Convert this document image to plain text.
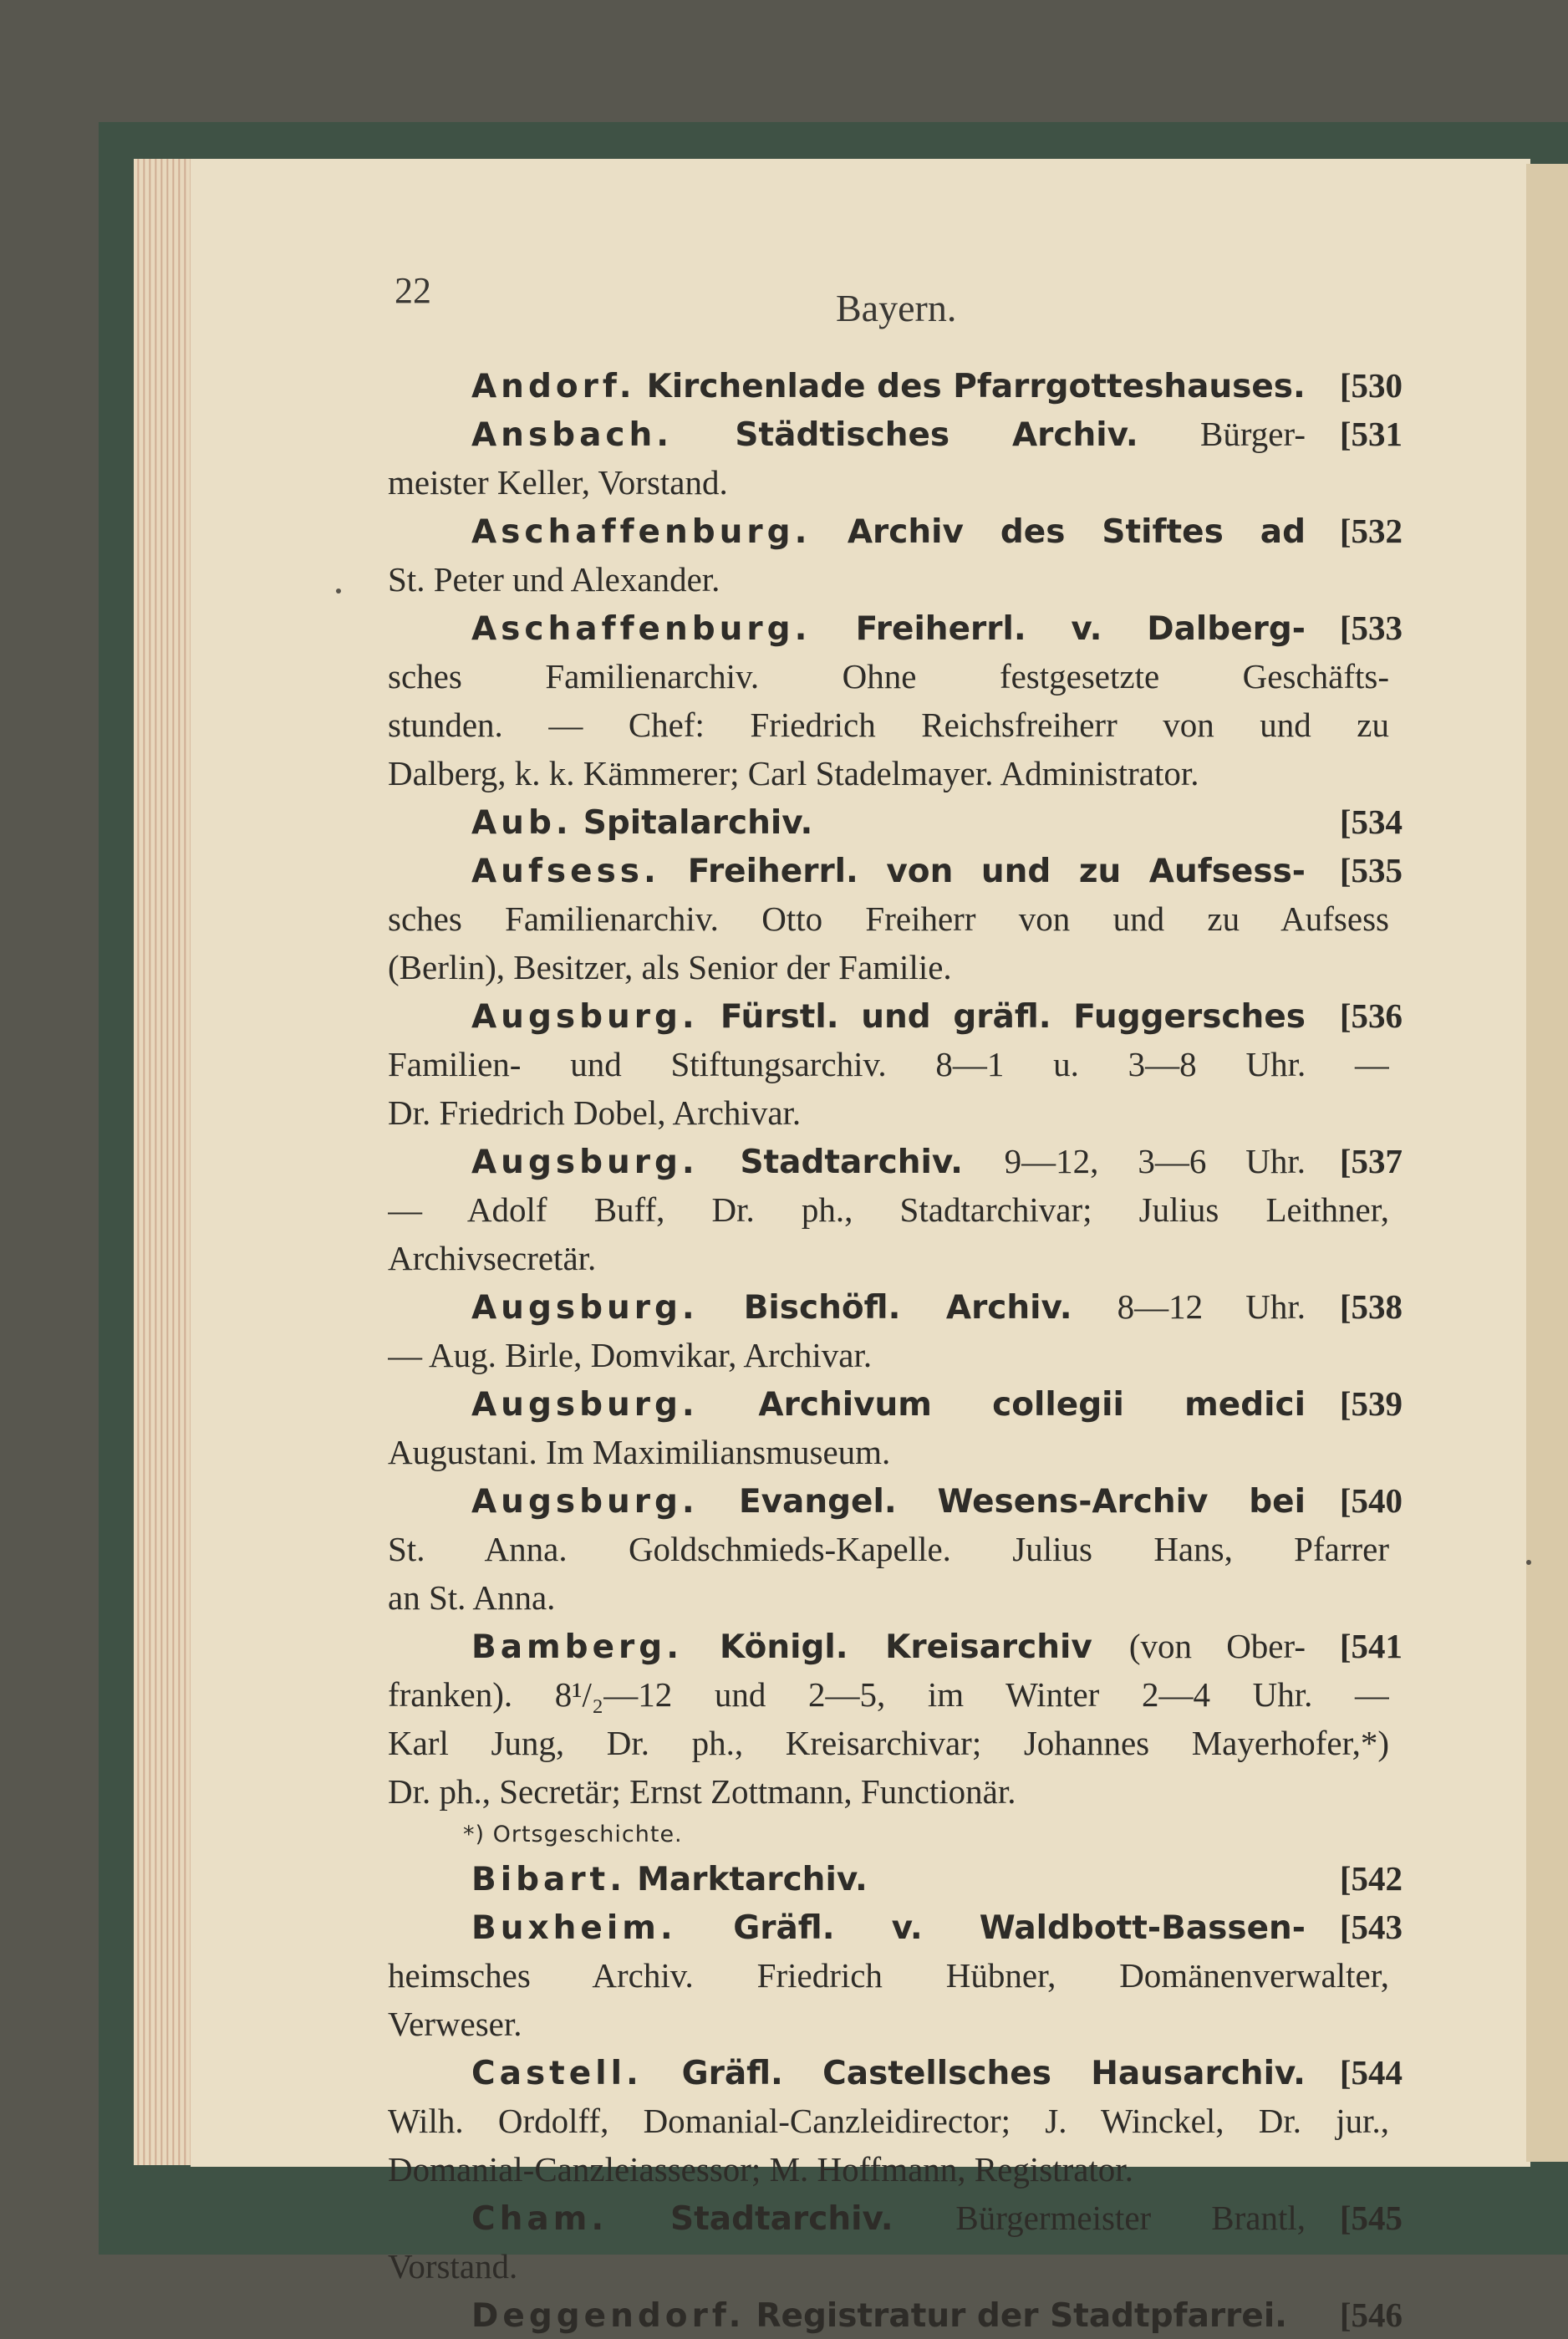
22	Bayern.
Andorf. Kirchenlade des Pfarrgotteshauses.	[530
Ansbach. Städtisches Archiv. Bürger- [531
meister Keller, Vorstand.
Aschaffenburg. Archiv des Stiftes ad [532
St. Peter und Alexander.
Aschaffenburg. Freiherrl. v. Dalberg- [533
sches Familienarchiv. Ohne festgesetzte Geschäfts-
stunden. — Chef: Friedrich Reichsfreiherr von und zu
Dalberg, k. k. Kämmerer; Carl Stadelmayer. Administrator.
Aub. Spitalarchiv.	[534
Aufsess. Freiherrl. von und zu Aufsess- [535
sches Familienarchiv. Otto Freiherr von und zu Aufsess
(Berlin), Besitzer, als Senior der Familie.
Augsburg. Fürstl. und gräfl. Fuggersches [536
Familien- und Stiftungsarchiv. 8—1 u. 3—8 Uhr. —
Dr. Friedrich Dobel, Archivar.
Augsburg. Stadtarchiv. 9—12, 3—6 Uhr. [537
— Adolf Buff, Dr. ph., Stadtarchivar; Julius Leithner,
Archivsecretär.
Augsburg. Bischöfl. Archiv. 8—12 Uhr. [538
— Aug. Birle, Domvikar, Archivar.
Augsburg. Archivum collegii medici [539
Augustani. Im Maximiliansmuseum.
Augsburg. Evangel. Wesens-Archiv bei [540
St. Anna. Goldschmieds-Kapelle. Julius Hans, Pfarrer
an St. Anna.
Bamberg. Königl. Kreisarchiv (von Ober- [541
franken). 8¹/₂—12 und 2—5, im Winter 2—4 Uhr. —
Karl Jung, Dr. ph., Kreisarchivar; Johannes Mayerhofer,*)
Dr. ph., Secretär; Ernst Zottmann, Functionär.
*) Ortsgeschichte.
Bibart. Marktarchiv.	[542
Buxheim. Gräfl. v. Waldbott-Bassen- [543
heimsches Archiv. Friedrich Hübner, Domänenverwalter,
Verweser.
Castell. Gräfl. Castellsches Hausarchiv. [544
Wilh. Ordolff, Domanial-Canzleidirector; J. Winckel, Dr. jur.,
Domanial-Canzleiassessor; M. Hoffmann, Registrator.
Cham. Stadtarchiv. Bürgermeister Brantl, [545
Vorstand.
Deggendorf. Registratur der Stadtpfarrei.	[546
